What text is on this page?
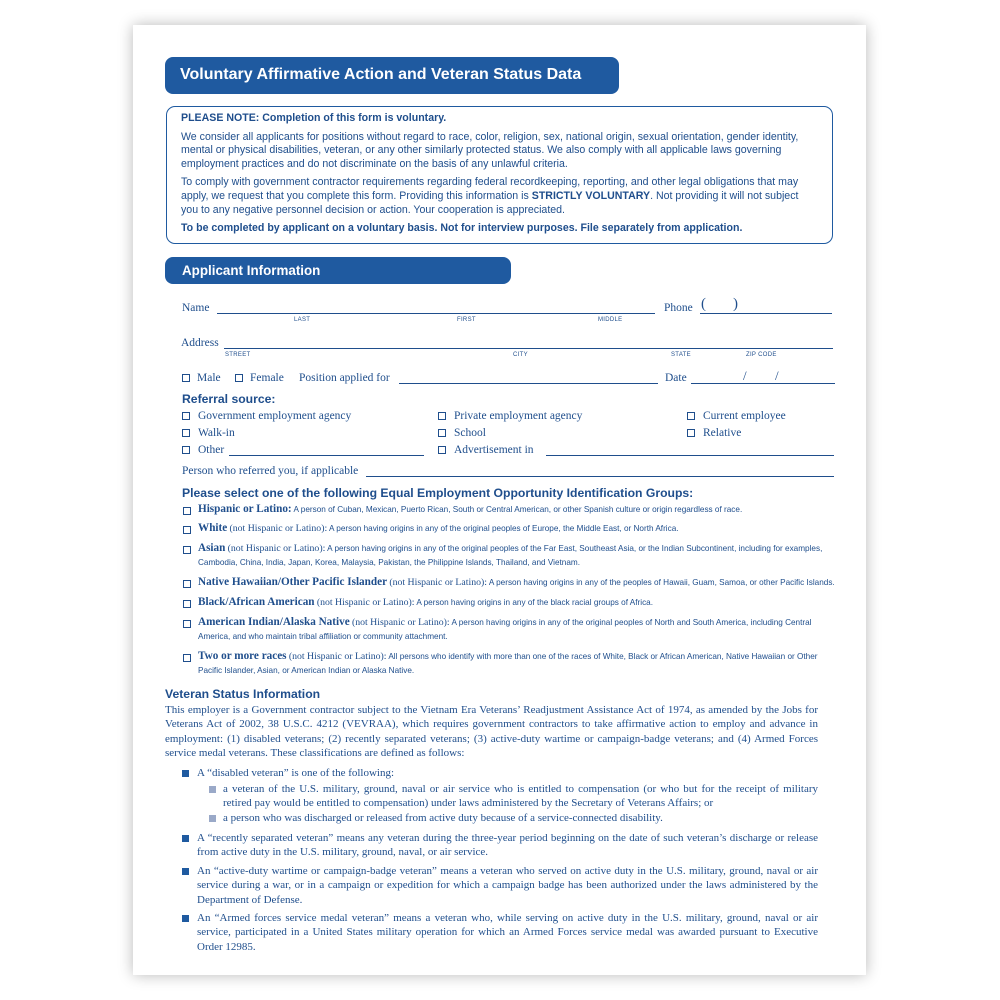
Voluntary Affirmative Action and Veteran Status Data

PLEASE NOTE: Completion of this form is voluntary.

We consider all applicants for positions without regard to race, color, religion, sex, national origin, sexual orientation, gender identity, mental or physical disabilities, veteran, or any other similarly protected status. We also comply with all applicable laws governing employment practices and do not discriminate on the basis of any unlawful criteria.

To comply with government contractor requirements regarding federal recordkeeping, reporting, and other legal obligations that may apply, we request that you complete this form. Providing this information is STRICTLY VOLUNTARY. Not providing it will not subject you to any negative personnel decision or action. Your cooperation is appreciated.

To be completed by applicant on a voluntary basis. Not for interview purposes. File separately from application.

Applicant Information
Name
LAST	FIRST	MIDDLE
Phone ( )
Address
STREET	CITY	STATE	ZIP CODE
Male	Female Position applied for	Date	/ /
Referral source:
Government employment agency	Private employment agency	Current employee
Walk-in	School	Relative
Other	Advertisement in
Person who referred you, if applicable
Please select one of the following Equal Employment Opportunity Identification Groups:
Hispanic or Latino: A person of Cuban, Mexican, Puerto Rican, South or Central American, or other Spanish culture or origin regardless of race.
White (not Hispanic or Latino): A person having origins in any of the original peoples of Europe, the Middle East, or North Africa.
Asian (not Hispanic or Latino): A person having origins in any of the original peoples of the Far East, Southeast Asia, or the Indian Subcontinent, including for examples, Cambodia, China, India, Japan, Korea, Malaysia, Pakistan, the Philippine Islands, Thailand, and Vietnam.
Native Hawaiian/Other Pacific Islander (not Hispanic or Latino): A person having origins in any of the peoples of Hawaii, Guam, Samoa, or other Pacific Islands.
Black/African American (not Hispanic or Latino): A person having origins in any of the black racial groups of Africa.
American Indian/Alaska Native (not Hispanic or Latino): A person having origins in any of the original peoples of North and South America, including Central America, and who maintain tribal affiliation or community attachment.
Two or more races (not Hispanic or Latino): All persons who identify with more than one of the races of White, Black or African American, Native Hawaiian or Other Pacific Islander, Asian, or American Indian or Alaska Native.
Veteran Status Information
This employer is a Government contractor subject to the Vietnam Era Veterans’ Readjustment Assistance Act of 1974, as amended by the Jobs for Veterans Act of 2002, 38 U.S.C. 4212 (VEVRAA), which requires government contractors to take affirmative action to employ and advance in employment: (1) disabled veterans; (2) recently separated veterans; (3) active-duty wartime or campaign-badge veterans; and (4) Armed Forces service medal veterans. These classifications are defined as follows:
A “disabled veteran” is one of the following:
a veteran of the U.S. military, ground, naval or air service who is entitled to compensation (or who but for the receipt of military retired pay would be entitled to compensation) under laws administered by the Secretary of Veterans Affairs; or
a person who was discharged or released from active duty because of a service-connected disability.
A “recently separated veteran” means any veteran during the three-year period beginning on the date of such veteran’s discharge or release from active duty in the U.S. military, ground, naval, or air service.
An “active-duty wartime or campaign-badge veteran” means a veteran who served on active duty in the U.S. military, ground, naval or air service during a war, or in a campaign or expedition for which a campaign badge has been authorized under the laws administered by the Department of Defense.
An “Armed forces service medal veteran” means a veteran who, while serving on active duty in the U.S. military, ground, naval or air service, participated in a United States military operation for which an Armed Forces service medal was awarded pursuant to Executive Order 12985.
